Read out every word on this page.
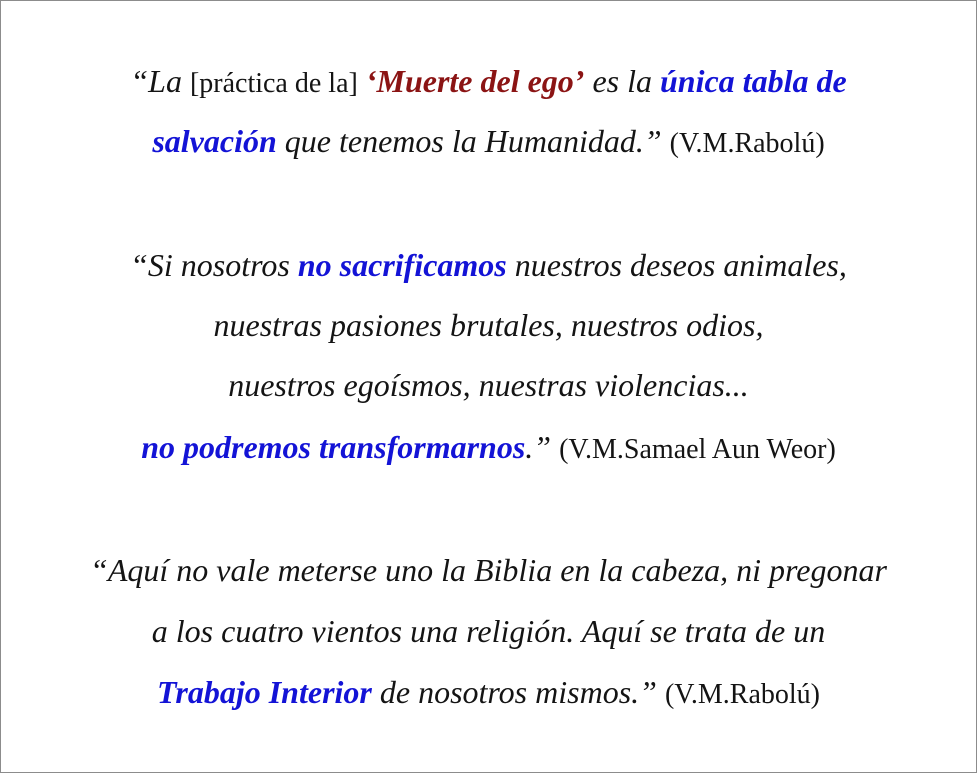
“La [práctica de la] ‘Muerte del ego’ es la única tabla de
salvación que tenemos la Humanidad.” (V.M.Rabolú)
“Si nosotros no sacrificamos nuestros deseos animales,
nuestras pasiones brutales, nuestros odios,
nuestros egoísmos, nuestras violencias...
no podremos transformarnos.” (V.M.Samael Aun Weor)
“Aquí no vale meterse uno la Biblia en la cabeza, ni pregonar
a los cuatro vientos una religión. Aquí se trata de un
Trabajo Interior de nosotros mismos.” (V.M.Rabolú)
